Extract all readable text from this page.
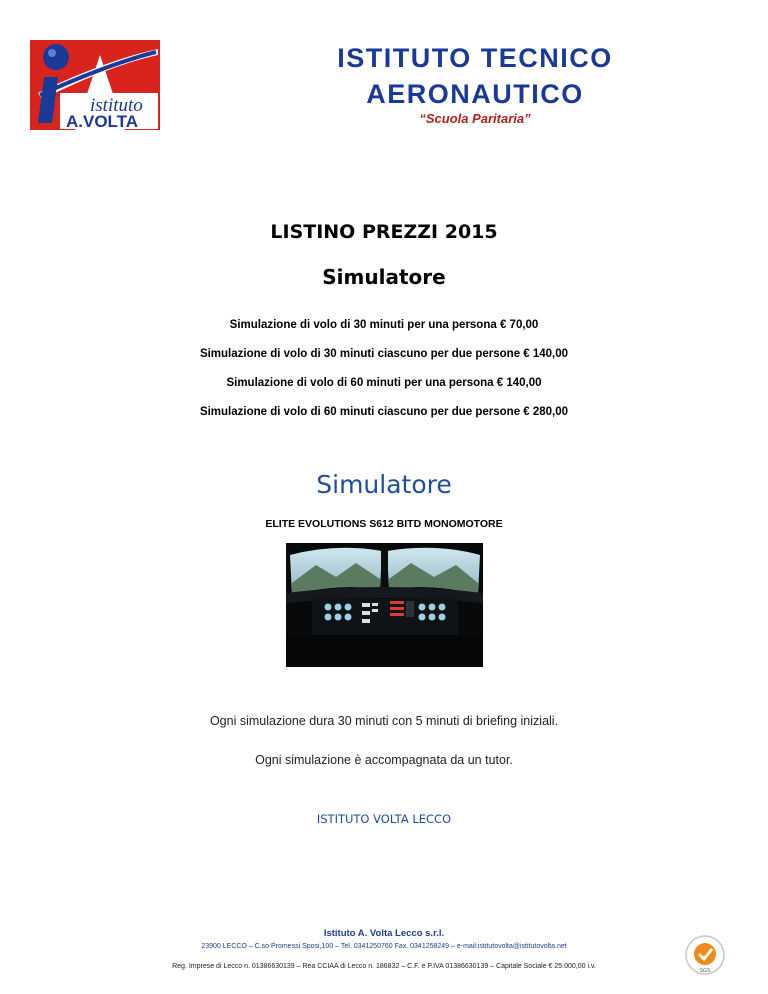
istituto
A.VOLTA
ISTITUTO TECNICO
AERONAUTICO
“Scuola Paritaria”
LISTINO PREZZI 2015
Simulatore
Simulazione di volo di 30 minuti per una persona € 70,00
Simulazione di volo di 30 minuti ciascuno per due persone € 140,00
Simulazione di volo di 60 minuti per una persona € 140,00
Simulazione di volo di 60 minuti ciascuno per due persone € 280,00
Simulatore
ELITE EVOLUTIONS S612 BITD MONOMOTORE
Ogni simulazione dura 30 minuti con 5 minuti di briefing iniziali.
Ogni simulazione è accompagnata da un tutor.
ISTITUTO VOLTA LECCO
Istituto A. Volta Lecco s.r.l.
23900 LECCO – C.so Promessi Sposi,100 – Tel. 0341250760 Fax. 0341258249 – e-mail:istitutovolta@istitutovolta.net
Reg. Imprese di Lecco n. 01386630139 – Rea CCIAA di Lecco n. 186832 – C.F. e P.IVA 01386630139 – Capitale Sociale € 25.000,00 i.v.
SGS
